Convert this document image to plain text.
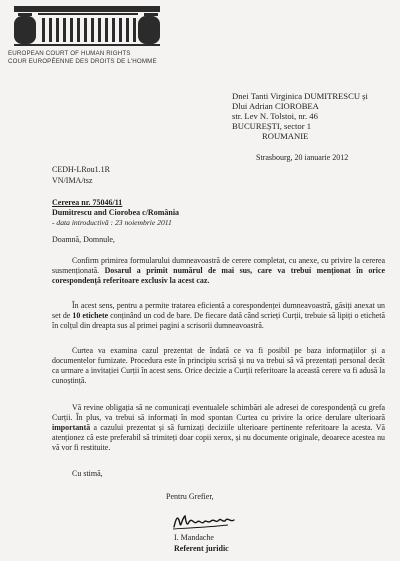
EUROPEAN COURT OF HUMAN RIGHTS
COUR EUROPÉENNE DES DROITS DE L'HOMME
Dnei Tanti Virginica DUMITRESCU și
Dlui Adrian CIOROBEA
str. Lev N. Tolstoi, nr. 46
BUCUREȘTI, sector 1
ROUMANIE
CEDH-LRou1.1R
VN/IMA/tsz
Strasbourg, 20 ianuarie 2012
Cererea nr. 75046/11
Dumitrescu and Ciorobea c/România
- data introductivă : 23 noiembrie 2011
Doamnă, Domnule,
Confirm primirea formularului dumneavoastră de cerere completat, cu anexe, cu privire la cererea susmenționată. Dosarul a primit numărul de mai sus, care va trebui menționat în orice corespondență referitoare exclusiv la acest caz.
În acest sens, pentru a permite tratarea eficientă a corespondenței dumneavoastră, găsiți anexat un set de 10 etichete conținând un cod de bare. De fiecare dată când scrieți Curții, trebuie să lipiți o etichetă în colțul din dreapta sus al primei pagini a scrisorii dumneavoastră.
Curtea va examina cazul prezentat de îndată ce va fi posibil pe baza informațiilor și a documentelor furnizate. Procedura este în principiu scrisă și nu va trebui să vă prezentați personal decât ca urmare a invitației Curții în acest sens. Orice decizie a Curții referitoare la această cerere va fi adusă la cunoștință.
Vă revine obligația să ne comunicați eventualele schimbări ale adresei de corespondență cu grefa Curții. În plus, va trebui să informați în mod spontan Curtea cu privire la orice derulare ulterioară importantă a cazului prezentat și să furnizați deciziile ulterioare pertinente referitoare la acesta. Vă atenționez că este preferabil să trimiteți doar copii xerox, și nu documente originale, deoarece acestea nu vă vor fi restituite.
Cu stimă,
Pentru Grefier,
I. Mandache
Referent juridic
